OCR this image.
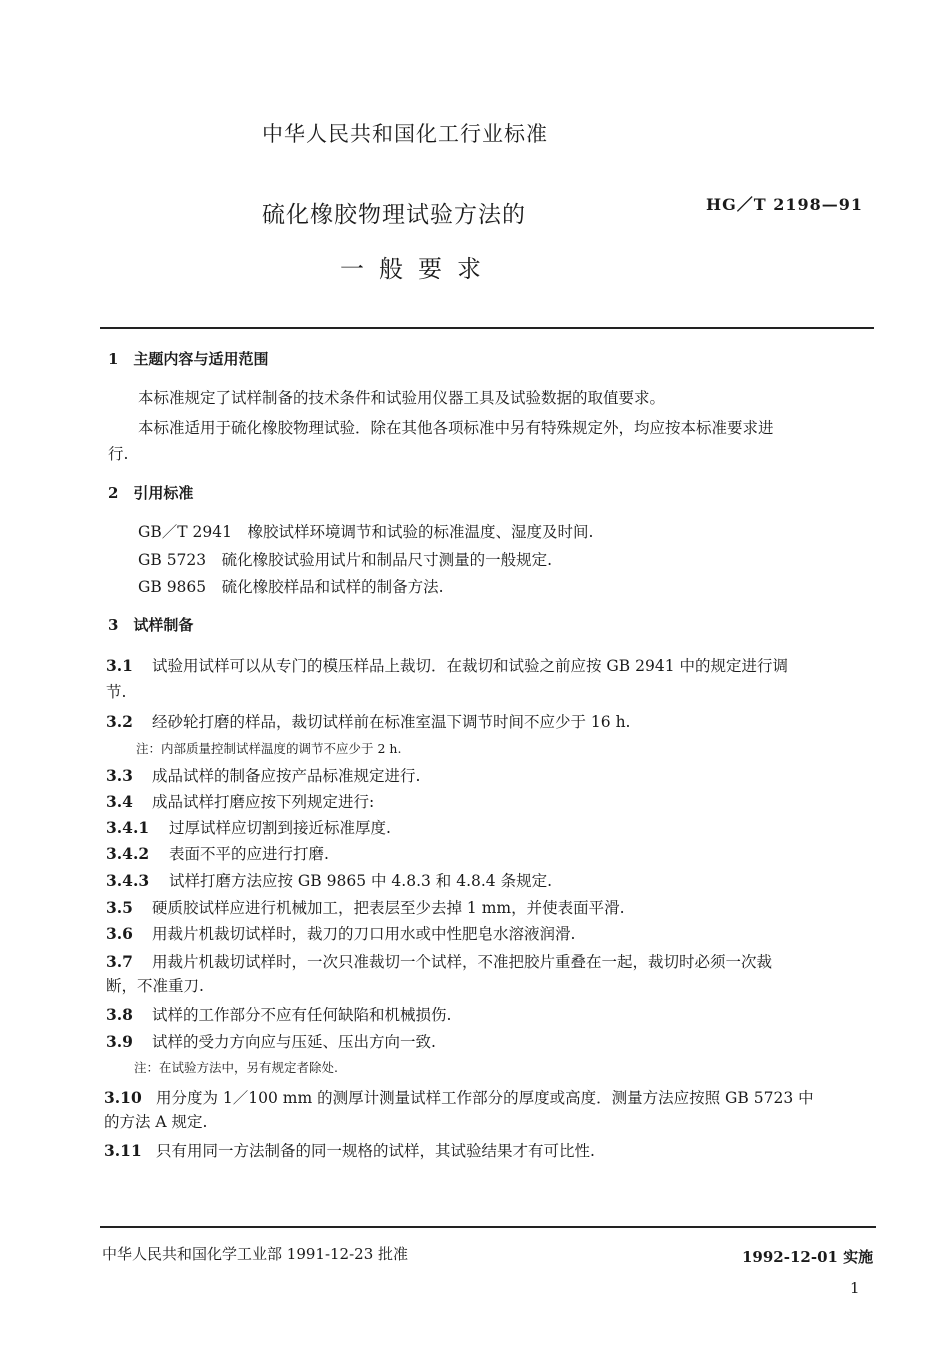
中华人民共和国化工行业标准
硫化橡胶物理试验方法的
一般要求
HG／T 2198—91
1　主题内容与适用范围
本标准规定了试样制备的技术条件和试验用仪器工具及试验数据的取值要求。
本标准适用于硫化橡胶物理试验．除在其他各项标准中另有特殊规定外，均应按本标准要求进
行.
2　引用标准
GB／T 2941　橡胶试样环境调节和试验的标准温度、湿度及时间.
GB 5723　硫化橡胶试验用试片和制品尺寸测量的一般规定.
GB 9865　硫化橡胶样品和试样的制备方法.
3　试样制备
3.1 试验用试样可以从专门的模压样品上裁切．在裁切和试验之前应按 GB 2941 中的规定进行调
节.
3.2 经砂轮打磨的样品，裁切试样前在标准室温下调节时间不应少于 16 h.
注：内部质量控制试样温度的调节不应少于 2 h.
3.3 成品试样的制备应按产品标准规定进行.
3.4 成品试样打磨应按下列规定进行:
3.4.1 过厚试样应切割到接近标准厚度.
3.4.2 表面不平的应进行打磨.
3.4.3 试样打磨方法应按 GB 9865 中 4.8.3 和 4.8.4 条规定.
3.5 硬质胶试样应进行机械加工，把表层至少去掉 1 mm，并使表面平滑.
3.6 用裁片机裁切试样时，裁刀的刀口用水或中性肥皂水溶液润滑.
3.7 用裁片机裁切试样时，一次只准裁切一个试样，不准把胶片重叠在一起，裁切时必须一次裁
断，不准重刀.
3.8 试样的工作部分不应有任何缺陷和机械损伤.
3.9 试样的受力方向应与压延、压出方向一致.
注：在试验方法中，另有规定者除处.
3.10 用分度为 1／100 mm 的测厚计测量试样工作部分的厚度或高度．测量方法应按照 GB 5723 中
的方法 A 规定.
3.11 只有用同一方法制备的同一规格的试样，其试验结果才有可比性.
中华人民共和国化学工业部 1991-12-23 批准	1992-12-01 实施
1
